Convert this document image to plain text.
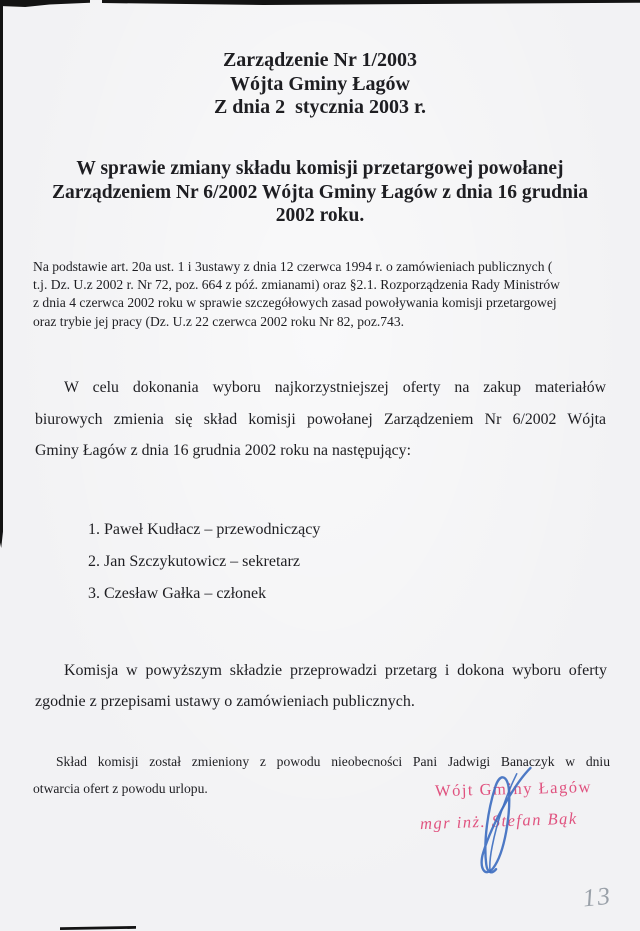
Zarządzenie Nr 1/2003
Wójta Gminy Łagów
Z dnia 2  stycznia 2003 r.
W sprawie zmiany składu komisji przetargowej powołanej
Zarządzeniem Nr 6/2002 Wójta Gminy Łagów z dnia 16 grudnia
2002 roku.
Na podstawie art. 20a ust. 1 i 3ustawy z dnia 12 czerwca 1994 r. o zamówieniach publicznych (
t.j. Dz. U.z 2002 r. Nr 72, poz. 664 z póź. zmianami) oraz §2.1. Rozporządzenia Rady Ministrów
z dnia 4 czerwca 2002 roku w sprawie szczegółowych zasad powoływania komisji przetargowej
oraz trybie jej pracy (Dz. U.z 22 czerwca 2002 roku Nr 82, poz.743.
W celu dokonania wyboru najkorzystniejszej oferty na zakup materiałów
biurowych zmienia się skład komisji powołanej Zarządzeniem Nr 6/2002 Wójta
Gminy Łagów z dnia 16 grudnia 2002 roku na następujący:
1. Paweł Kudłacz – przewodniczący
2. Jan Szczykutowicz – sekretarz
3. Czesław Gałka – członek
Komisja w powyższym składzie przeprowadzi przetarg i dokona wyboru oferty
zgodnie z przepisami ustawy o zamówieniach publicznych.
Skład komisji został zmieniony z powodu nieobecności Pani Jadwigi Banaczyk w dniu
otwarcia ofert z powodu urlopu.	Wójt Gminy Łagów
mgr inż. Stefan Bąk
13
